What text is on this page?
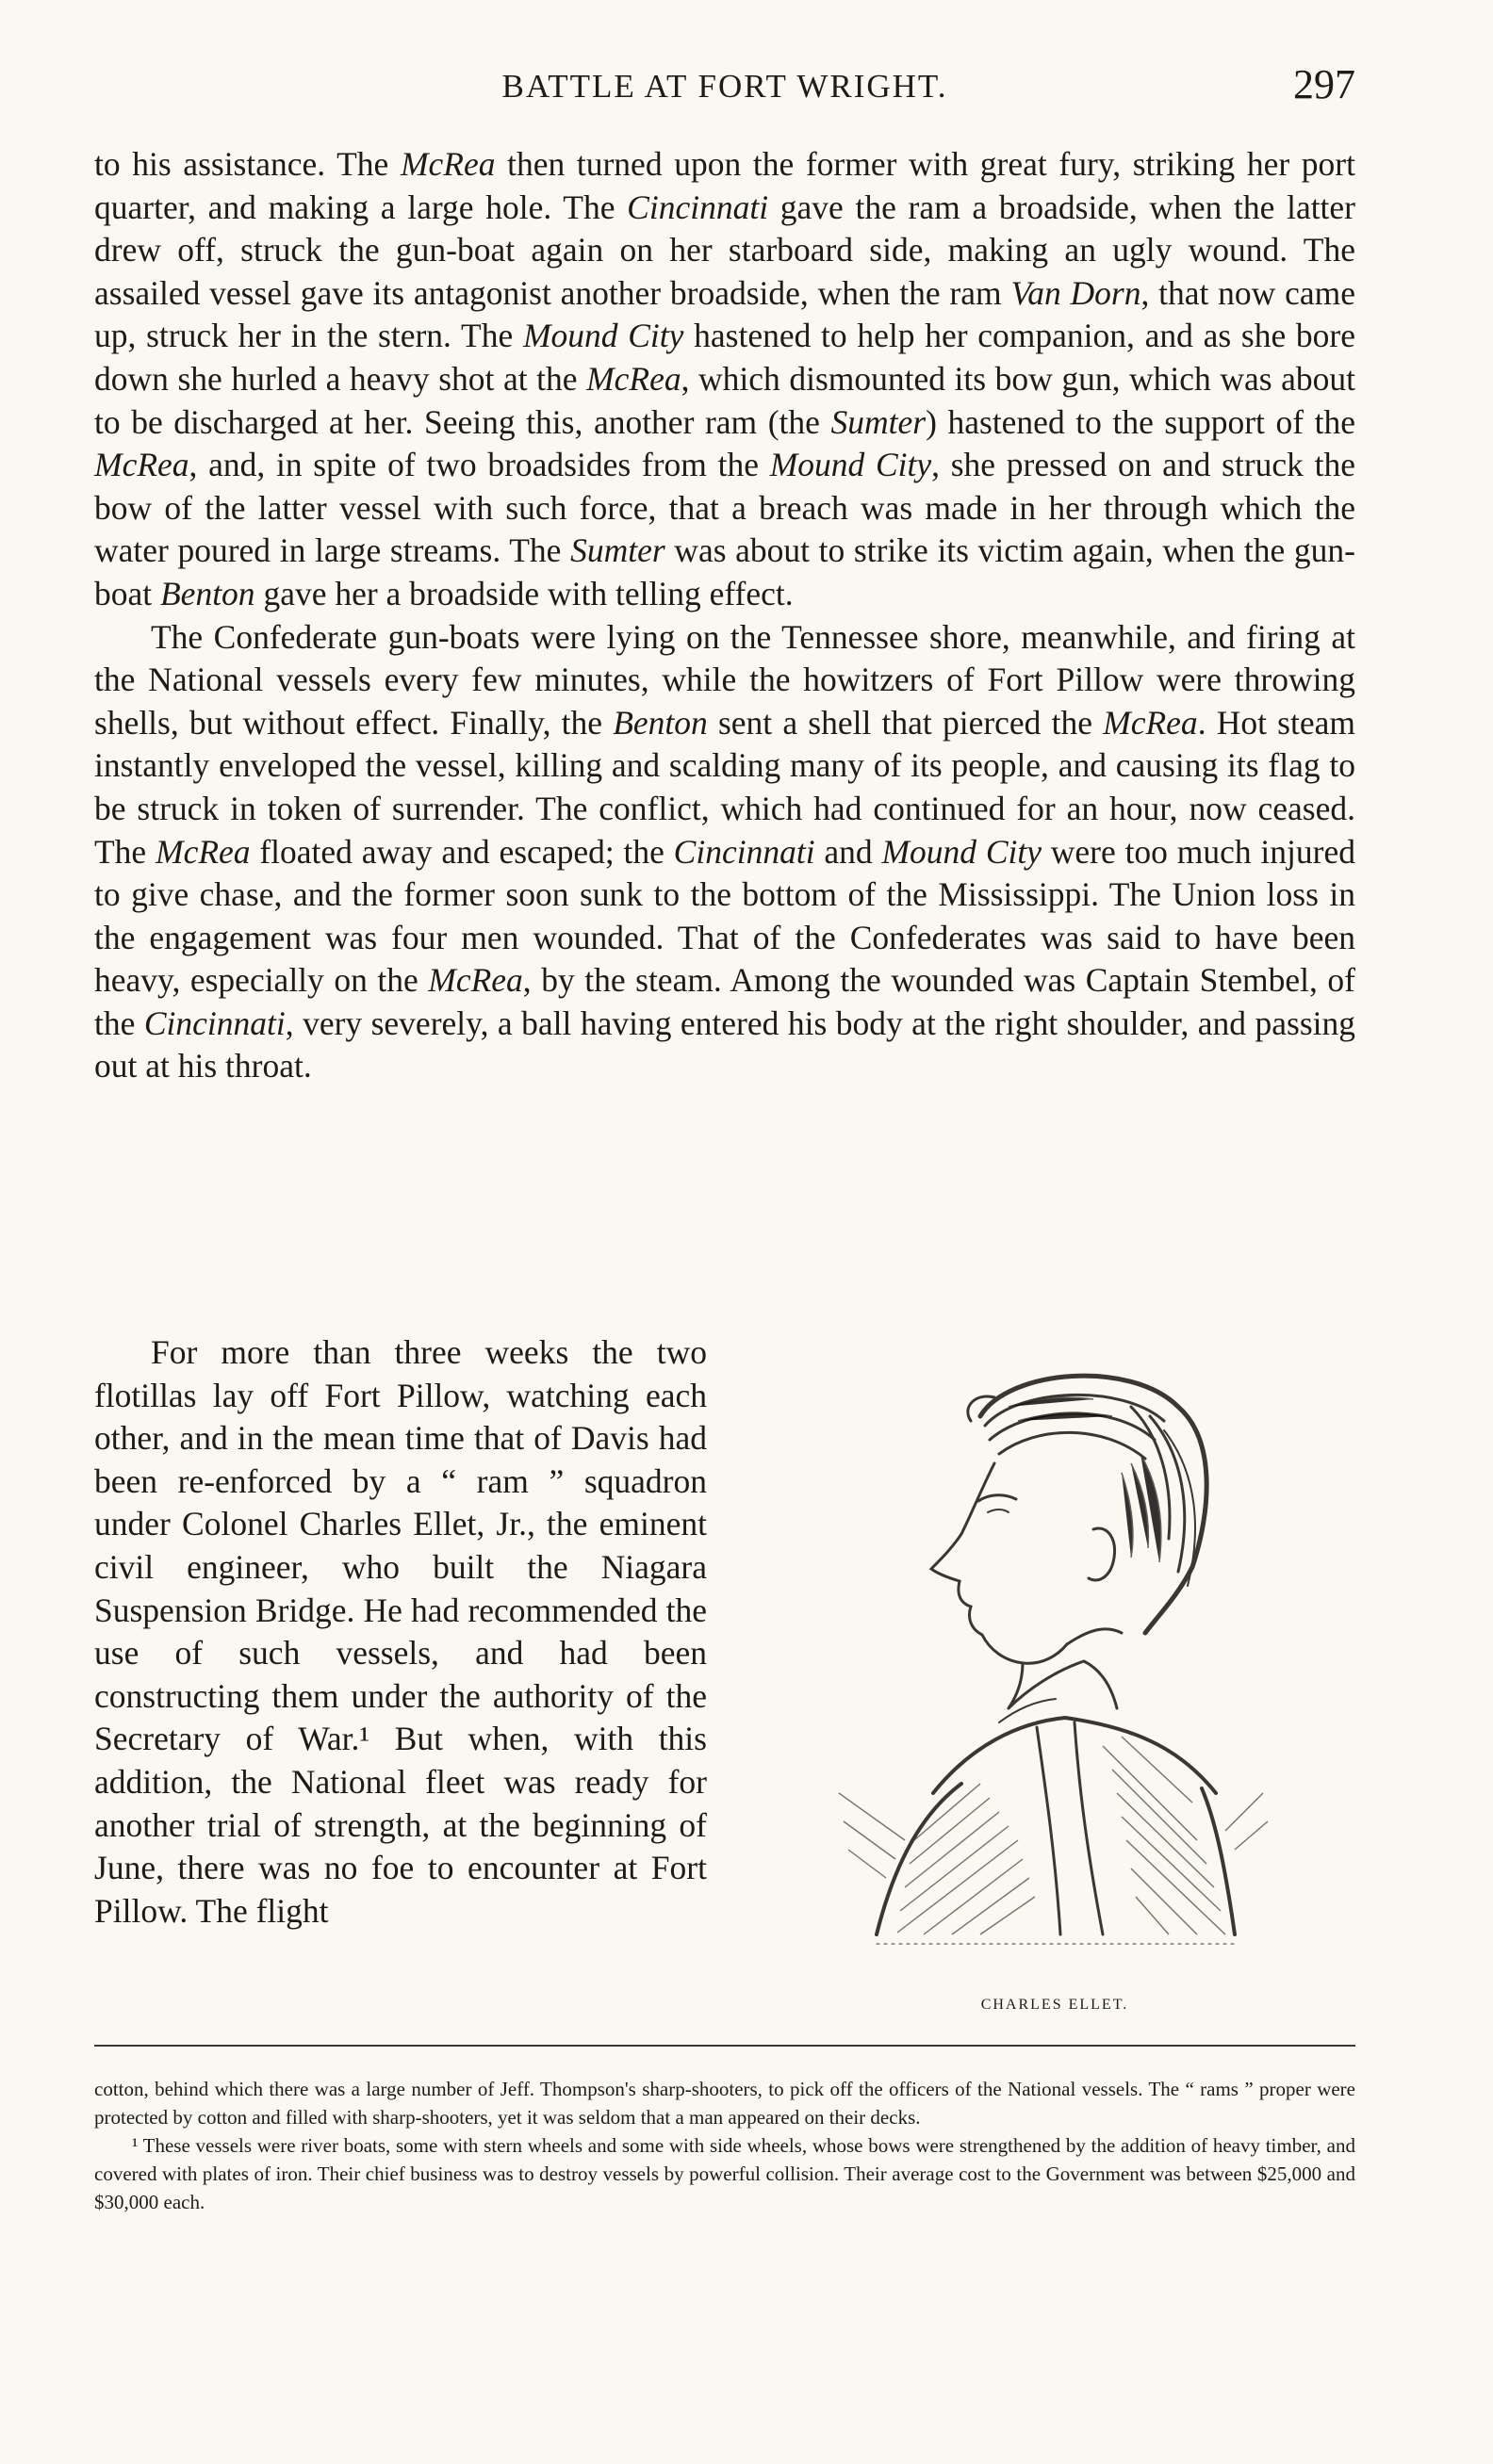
BATTLE AT FORT WRIGHT.	297

to his assistance. The McRea then turned upon the former with great fury, striking her port quarter, and making a large hole. The Cincinnati gave the ram a broadside, when the latter drew off, struck the gun-boat again on her starboard side, making an ugly wound. The assailed vessel gave its antagonist another broadside, when the ram Van Dorn, that now came up, struck her in the stern. The Mound City hastened to help her companion, and as she bore down she hurled a heavy shot at the McRea, which dismounted its bow gun, which was about to be discharged at her. Seeing this, another ram (the Sumter) hastened to the support of the McRea, and, in spite of two broadsides from the Mound City, she pressed on and struck the bow of the latter vessel with such force, that a breach was made in her through which the water poured in large streams. The Sumter was about to strike its victim again, when the gun-boat Benton gave her a broadside with telling effect.

The Confederate gun-boats were lying on the Tennessee shore, meanwhile, and firing at the National vessels every few minutes, while the howitzers of Fort Pillow were throwing shells, but without effect. Finally, the Benton sent a shell that pierced the McRea. Hot steam instantly enveloped the vessel, killing and scalding many of its people, and causing its flag to be struck in token of surrender. The conflict, which had continued for an hour, now ceased. The McRea floated away and escaped; the Cincinnati and Mound City were too much injured to give chase, and the former soon sunk to the bottom of the Mississippi. The Union loss in the engagement was four men wounded. That of the Confederates was said to have been heavy, especially on the McRea, by the steam. Among the wounded was Captain Stembel, of the Cincinnati, very severely, a ball having entered his body at the right shoulder, and passing out at his throat.

For more than three weeks the two flotillas lay off Fort Pillow, watching each other, and in the mean time that of Davis had been re-enforced by a “ ram ” squadron under Colonel Charles Ellet, Jr., the eminent civil engineer, who built the Niagara Suspension Bridge. He had recommended the use of such vessels, and had been constructing them under the authority of the Secretary of War.¹ But when, with this addition, the National fleet was ready for another trial of strength, at the beginning of June, there was no foe to encounter at Fort Pillow. The flight

CHARLES ELLET.

cotton, behind which there was a large number of Jeff. Thompson's sharp-shooters, to pick off the officers of the National vessels. The “ rams ” proper were protected by cotton and filled with sharp-shooters, yet it was seldom that a man appeared on their decks.

¹ These vessels were river boats, some with stern wheels and some with side wheels, whose bows were strengthened by the addition of heavy timber, and covered with plates of iron. Their chief business was to destroy vessels by powerful collision. Their average cost to the Government was between $25,000 and $30,000 each.
